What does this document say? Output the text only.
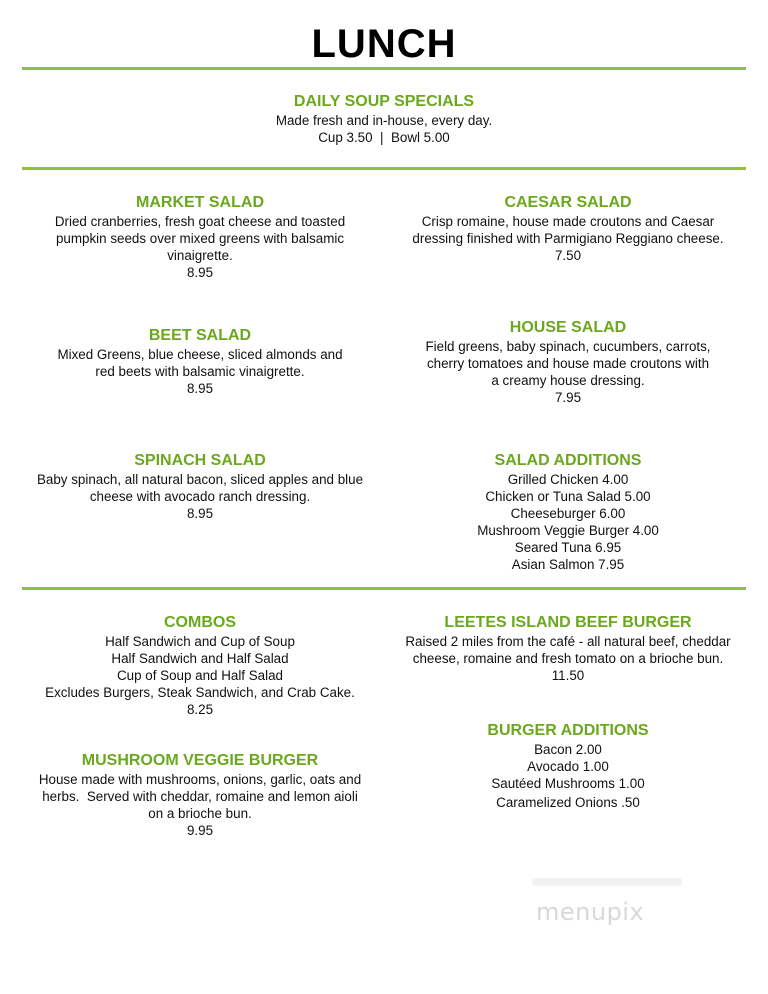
LUNCH
DAILY SOUP SPECIALS
Made fresh and in-house, every day.
Cup 3.50  |  Bowl 5.00
MARKET SALAD
Dried cranberries, fresh goat cheese and toasted
pumpkin seeds over mixed greens with balsamic
vinaigrette.
8.95
CAESAR SALAD
Crisp romaine, house made croutons and Caesar
dressing finished with Parmigiano Reggiano cheese.
7.50
BEET SALAD
Mixed Greens, blue cheese, sliced almonds and
red beets with balsamic vinaigrette.
8.95
HOUSE SALAD
Field greens, baby spinach, cucumbers, carrots,
cherry tomatoes and house made croutons with
a creamy house dressing.
7.95
SPINACH SALAD
Baby spinach, all natural bacon, sliced apples and blue
cheese with avocado ranch dressing.
8.95
SALAD ADDITIONS
Grilled Chicken 4.00
Chicken or Tuna Salad 5.00
Cheeseburger 6.00
Mushroom Veggie Burger 4.00
Seared Tuna 6.95
Asian Salmon 7.95
COMBOS
Half Sandwich and Cup of Soup
Half Sandwich and Half Salad
Cup of Soup and Half Salad
Excludes Burgers, Steak Sandwich, and Crab Cake.
8.25
LEETES ISLAND BEEF BURGER
Raised 2 miles from the café - all natural beef, cheddar
cheese, romaine and fresh tomato on a brioche bun.
11.50
MUSHROOM VEGGIE BURGER
House made with mushrooms, onions, garlic, oats and
herbs.  Served with cheddar, romaine and lemon aioli
on a brioche bun.
9.95
BURGER ADDITIONS
Bacon 2.00
Avocado 1.00
Sautéed Mushrooms 1.00
Caramelized Onions .50
menupix
